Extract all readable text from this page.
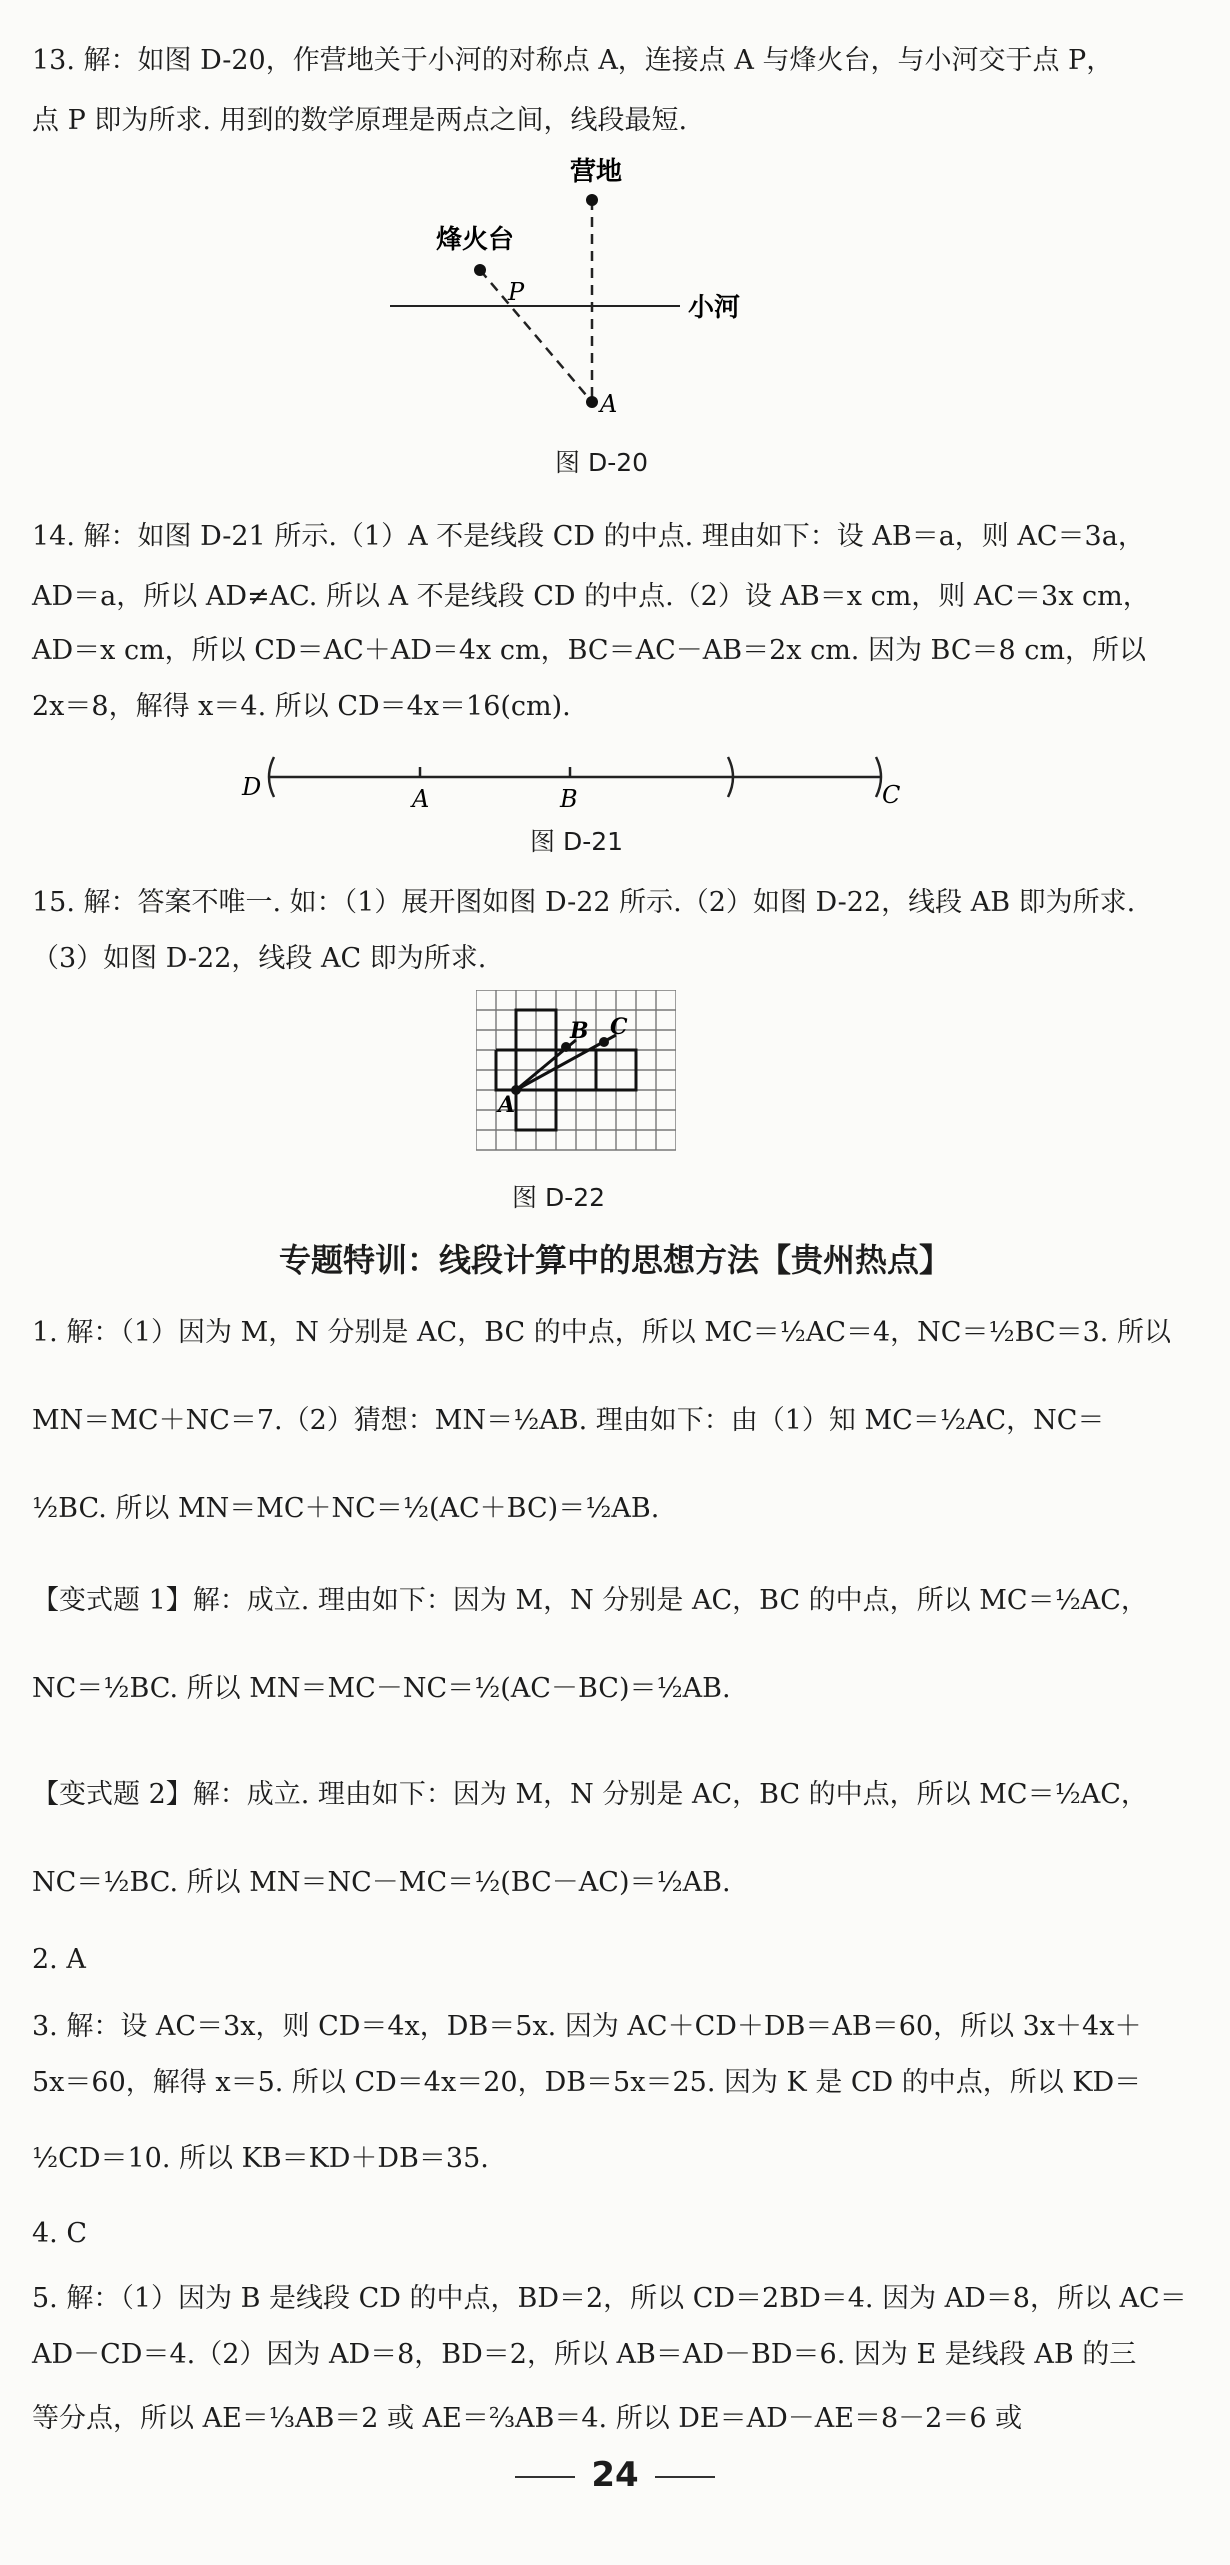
13. 解：如图 D-20，作营地关于小河的对称点 A，连接点 A 与烽火台，与小河交于点 P，
点 P 即为所求. 用到的数学原理是两点之间，线段最短.
营地
烽火台
小河
P
A
图 D-20
14. 解：如图 D-21 所示.（1）A 不是线段 CD 的中点. 理由如下：设 AB＝a，则 AC＝3a，
AD＝a，所以 AD≠AC. 所以 A 不是线段 CD 的中点.（2）设 AB＝x cm，则 AC＝3x cm，
AD＝x cm，所以 CD＝AC＋AD＝4x cm，BC＝AC－AB＝2x cm. 因为 BC＝8 cm，所以
2x＝8，解得 x＝4. 所以 CD＝4x＝16(cm).
D	A	B	C
图 D-21
15. 解：答案不唯一. 如：（1）展开图如图 D-22 所示.（2）如图 D-22，线段 AB 即为所求.
（3）如图 D-22，线段 AC 即为所求.
A
B C
图 D-22
专题特训：线段计算中的思想方法【贵州热点】
1. 解：（1）因为 M，N 分别是 AC，BC 的中点，所以 MC＝½AC＝4，NC＝½BC＝3. 所以
MN＝MC＋NC＝7.（2）猜想：MN＝½AB. 理由如下：由（1）知 MC＝½AC，NC＝
½BC. 所以 MN＝MC＋NC＝½(AC＋BC)＝½AB.
【变式题 1】解：成立. 理由如下：因为 M，N 分别是 AC，BC 的中点，所以 MC＝½AC，
NC＝½BC. 所以 MN＝MC－NC＝½(AC－BC)＝½AB.
【变式题 2】解：成立. 理由如下：因为 M，N 分别是 AC，BC 的中点，所以 MC＝½AC，
NC＝½BC. 所以 MN＝NC－MC＝½(BC－AC)＝½AB.
2. A
3. 解：设 AC＝3x，则 CD＝4x，DB＝5x. 因为 AC＋CD＋DB＝AB＝60，所以 3x＋4x＋
5x＝60，解得 x＝5. 所以 CD＝4x＝20，DB＝5x＝25. 因为 K 是 CD 的中点，所以 KD＝
½CD＝10. 所以 KB＝KD＋DB＝35.
4. C
5. 解：（1）因为 B 是线段 CD 的中点，BD＝2，所以 CD＝2BD＝4. 因为 AD＝8，所以 AC＝
AD－CD＝4.（2）因为 AD＝8，BD＝2，所以 AB＝AD－BD＝6. 因为 E 是线段 AB 的三
等分点，所以 AE＝⅓AB＝2 或 AE＝⅔AB＝4. 所以 DE＝AD－AE＝8－2＝6 或
24
